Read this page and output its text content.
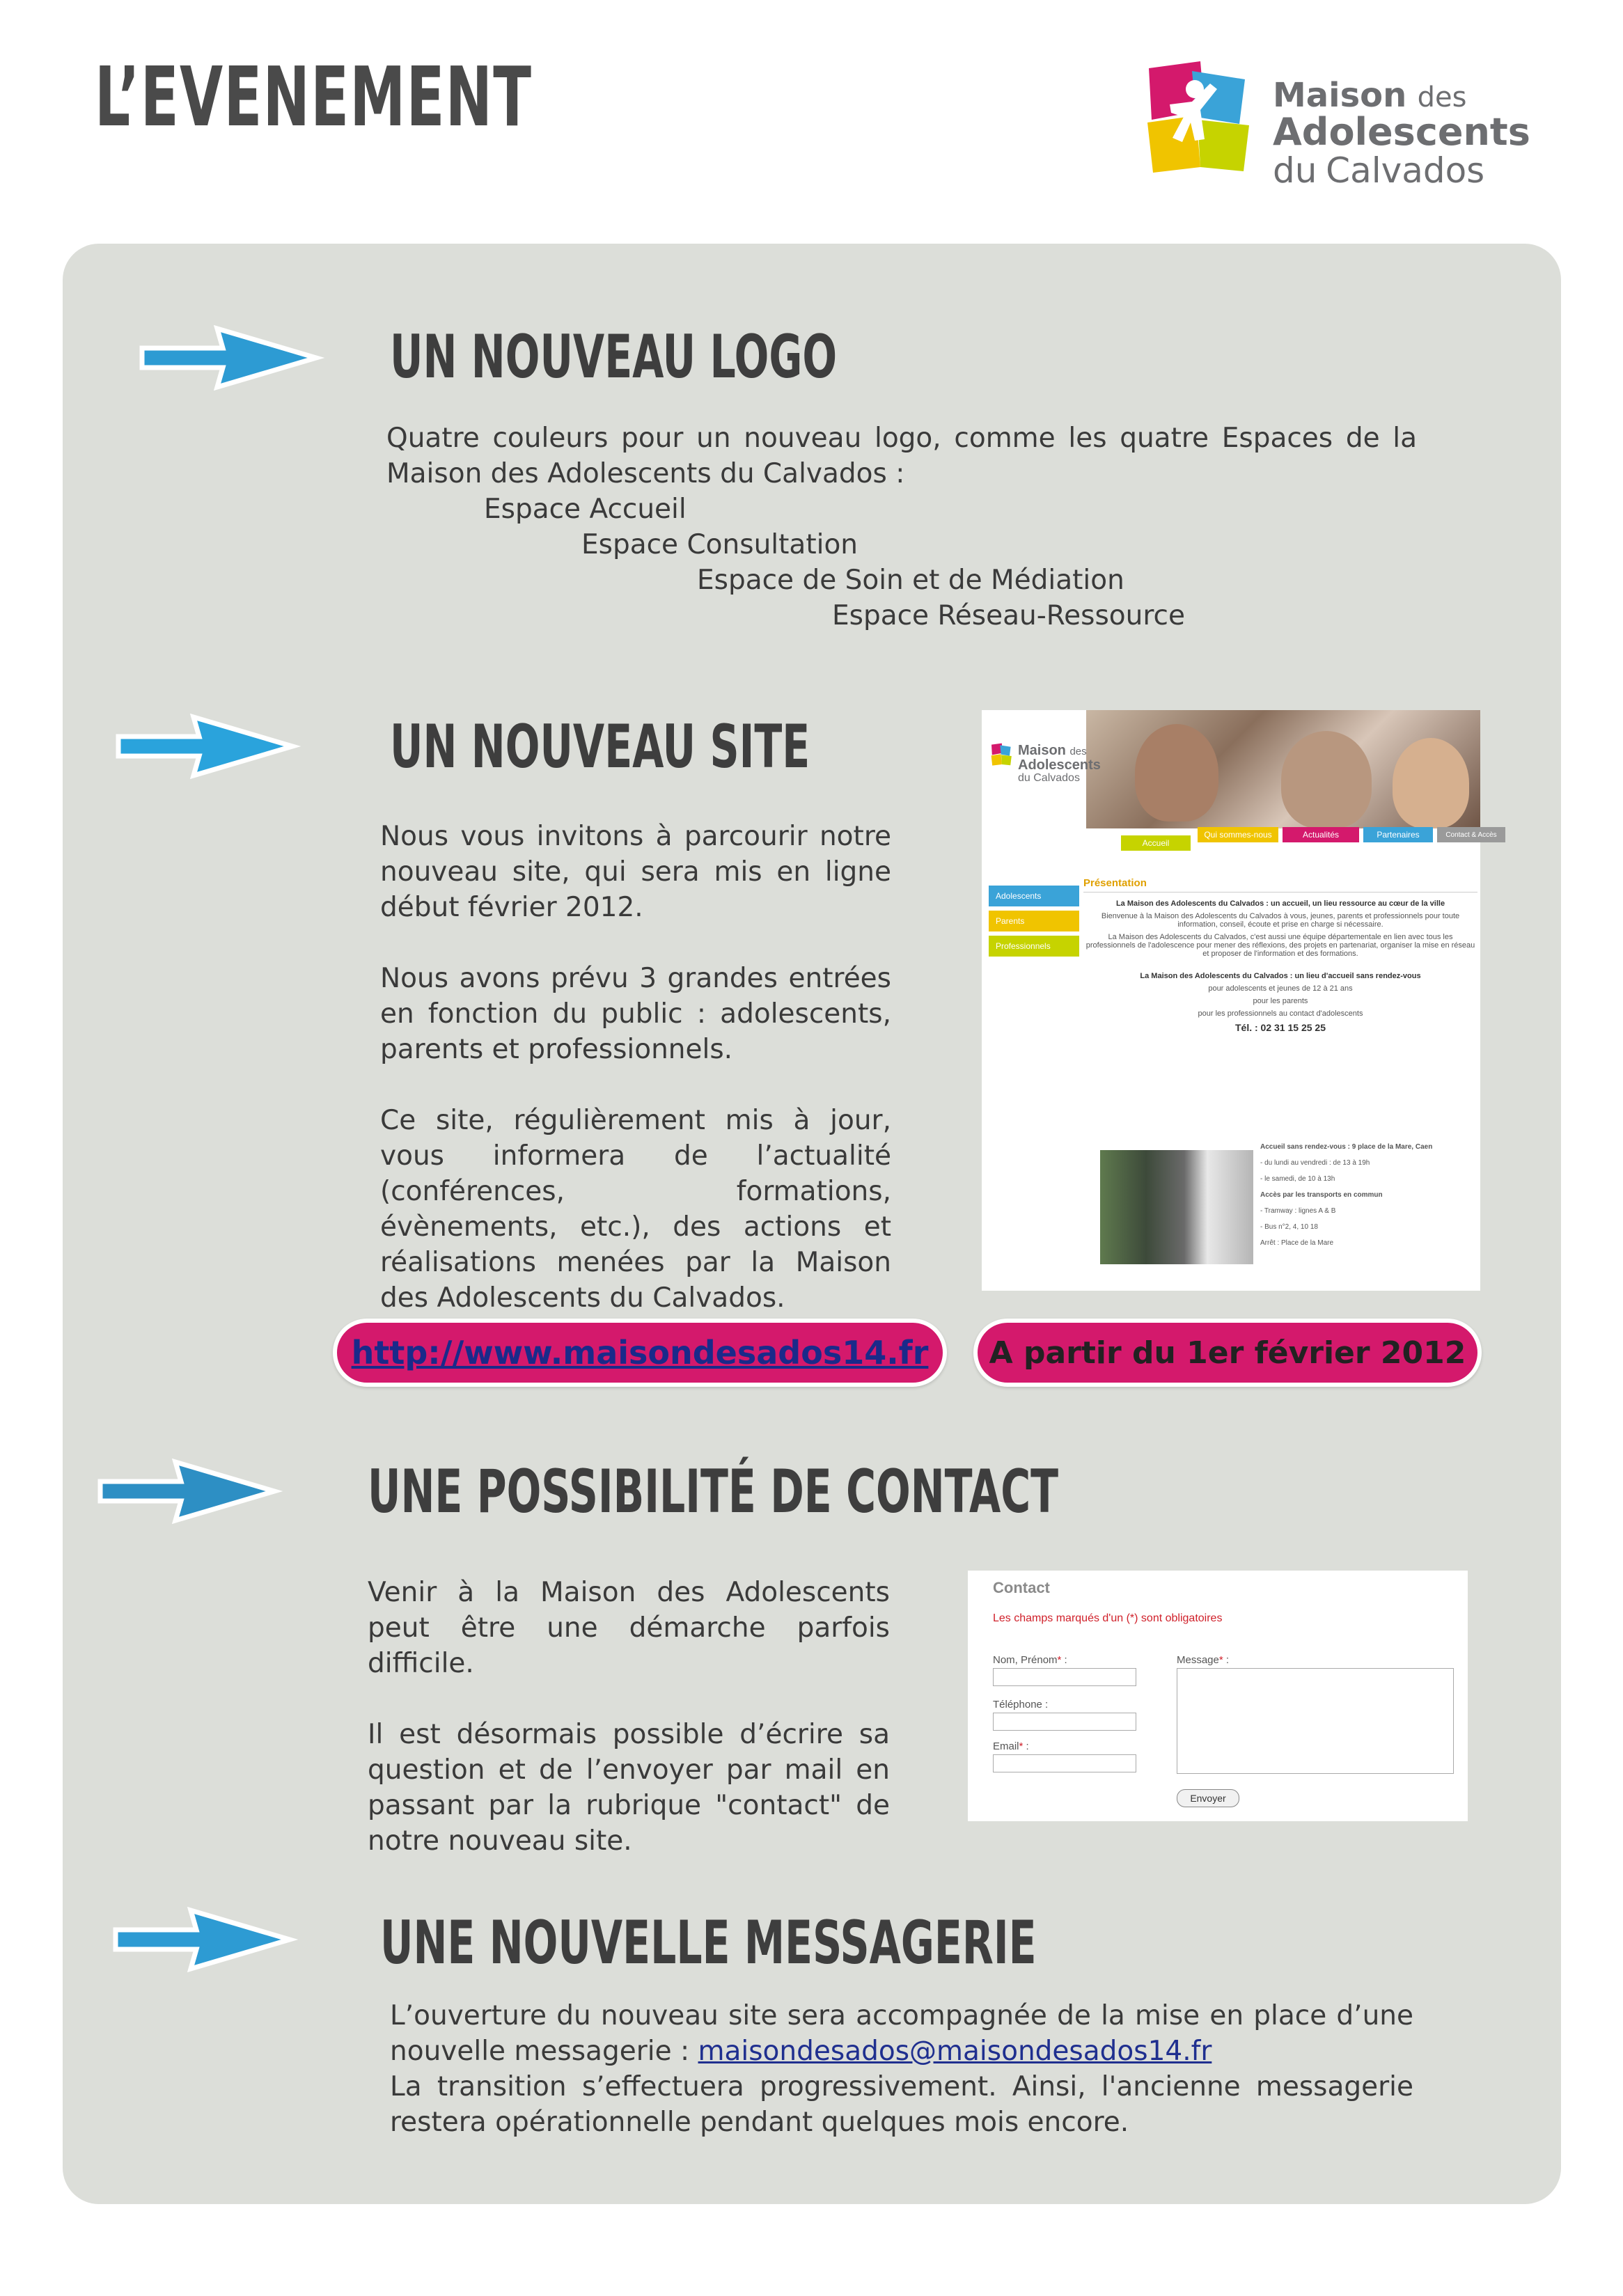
L’EVENEMENT	Maison des
Adolescents
du Calvados
UN NOUVEAU LOGO

Quatre couleurs pour un nouveau logo, comme les quatre Espaces de la Maison des Adolescents du Calvados :

Espace Accueil
Espace Consultation
Espace de Soin et de Médiation
Espace Réseau-Ressource
UN NOUVEAU SITE

Nous vous invitons à parcourir notre nouveau site, qui sera mis en ligne début février 2012.

Nous avons prévu 3 grandes entrées en fonction du public : adolescents, parents et professionnels.

Ce site, régulièrement mis à jour, vous informera de l’actualité (conférences, formations, évènements, etc.), des actions et réalisations menées par la Maison des Adolescents du Calvados.

Maison des
Adolescents
du Calvados
Accueil
Qui sommes-nous	Actualités	Partenaires	Contact & Accès
Adolescents
Parents
Professionnels
Présentation

La Maison des Adolescents du Calvados : un accueil, un lieu ressource au cœur de la ville

Bienvenue à la Maison des Adolescents du Calvados à vous, jeunes, parents et professionnels pour toute information, conseil, écoute et prise en charge si nécessaire.

La Maison des Adolescents du Calvados, c'est aussi une équipe départementale en lien avec tous les professionnels de l'adolescence pour mener des réflexions, des projets en partenariat, organiser la mise en réseau et proposer de l'information et des formations.

La Maison des Adolescents du Calvados : un lieu d'accueil sans rendez-vous

pour adolescents et jeunes de 12 à 21 ans

pour les parents

pour les professionnels au contact d'adolescents

Tél. : 02 31 15 25 25

Accueil sans rendez-vous : 9 place de la Mare, Caen
- du lundi au vendredi : de 13 à 19h
- le samedi, de 10 à 13h
Accès par les transports en commun
- Tramway : lignes A & B
- Bus n°2, 4, 10 18
Arrêt : Place de la Mare
http://www.maisondesados14.fr A partir du 1er février 2012
UNE POSSIBILITÉ DE CONTACT

Venir à la Maison des Adolescents peut être une démarche parfois difficile.

Il est désormais possible d’écrire sa question et de l’envoyer par mail en passant par la rubrique "contact" de notre nouveau site.

Contact
Les champs marqués d'un (*) sont obligatoires
Nom, Prénom* :
Téléphone :
Email* :
Message* :
Envoyer
UNE NOUVELLE MESSAGERIE

L’ouverture du nouveau site sera accompagnée de la mise en place d’une nouvelle messagerie : maisondesados@maisondesados14.fr

La transition s’effectuera progressivement. Ainsi, l'ancienne messagerie restera opérationnelle pendant quelques mois encore.
